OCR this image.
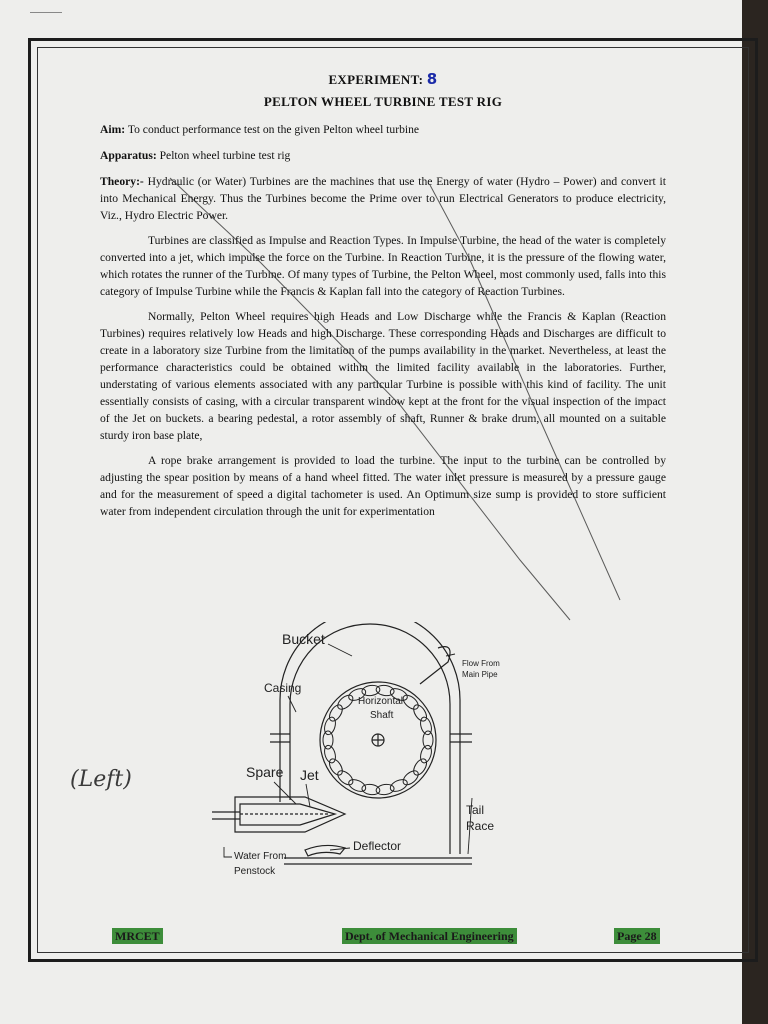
EXPERIMENT: 8
PELTON WHEEL TURBINE TEST RIG
Aim: To conduct performance test on the given Pelton wheel turbine
Apparatus: Pelton wheel turbine test rig

Theory:- Hydraulic (or Water) Turbines are the machines that use the Energy of water (Hydro – Power) and convert it into Mechanical Energy. Thus the Turbines become the Prime over to run Electrical Generators to produce electricity, Viz., Hydro Electric Power.

Turbines are classified as Impulse and Reaction Types. In Impulse Turbine, the head of the water is completely converted into a jet, which impulse the force on the Turbine. In Reaction Turbine, it is the pressure of the flowing water, which rotates the runner of the Turbine. Of many types of Turbine, the Pelton Wheel, most commonly used, falls into this category of Impulse Turbine while the Francis & Kaplan fall into the category of Reaction Turbines.

Normally, Pelton Wheel requires high Heads and Low Discharge while the Francis & Kaplan (Reaction Turbines) requires relatively low Heads and high Discharge. These corresponding Heads and Discharges are difficult to create in a laboratory size Turbine from the limitation of the pumps availability in the market. Nevertheless, at least the performance characteristics could be obtained within the limited facility available in the laboratories. Further, understating of various elements associated with any particular Turbine is possible with this kind of facility. The unit essentially consists of casing, with a circular transparent window kept at the front for the visual inspection of the impact of the Jet on buckets. a bearing pedestal, a rotor assembly of shaft, Runner & brake drum, all mounted on a suitable sturdy iron base plate,

A rope brake arrangement is provided to load the turbine. The input to the turbine can be controlled by adjusting the spear position by means of a hand wheel fitted. The water inlet pressure is measured by a pressure gauge and for the measurement of speed a digital tachometer is used. An Optimum size sump is provided to store sufficient water from independent circulation through the unit for experimentation

Bucket
Flow From
Main Pipe
Casing
Horizontal
Shaft
Spare Jet
Tail
Race
Deflector
Water From
Penstock
(Left)
MRCET	Dept. of Mechanical Engineering	Page 28
